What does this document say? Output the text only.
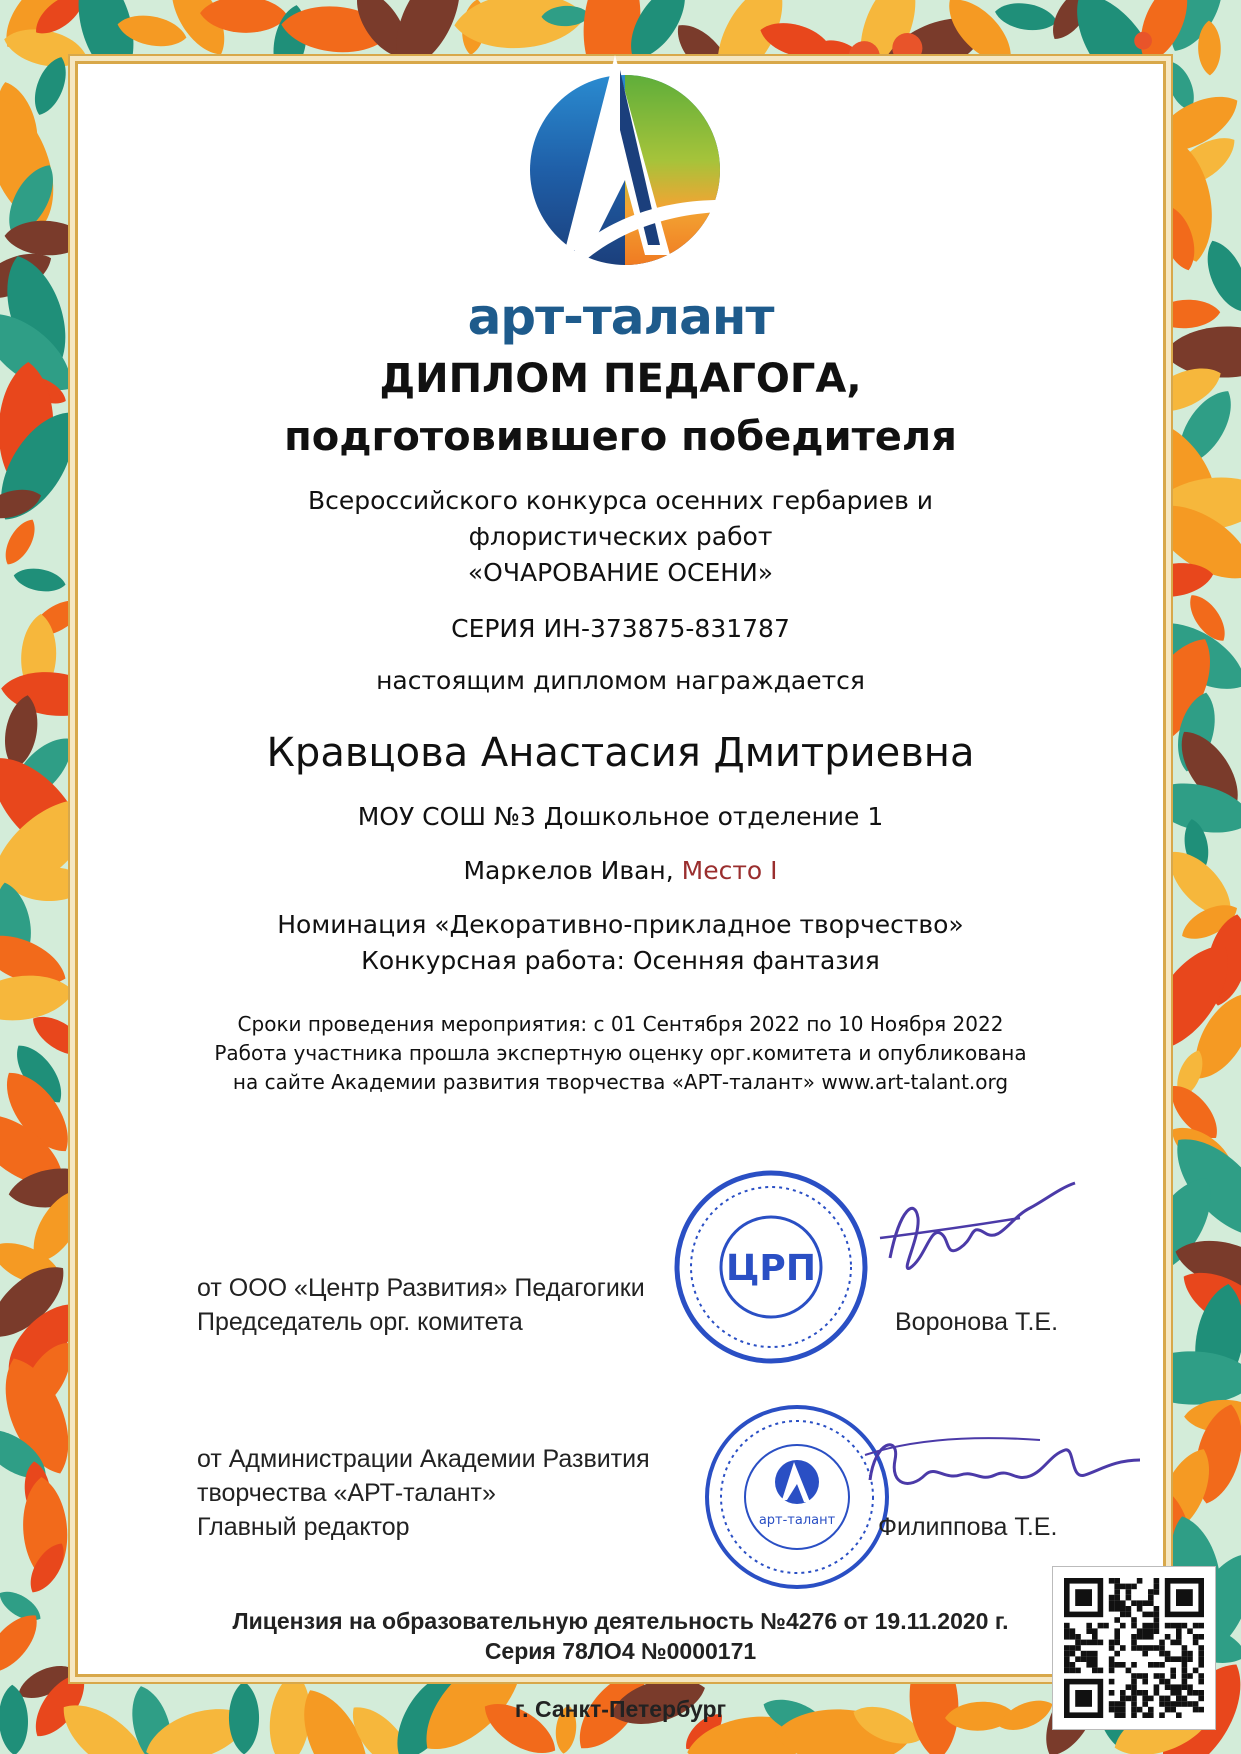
арт-талант

ДИПЛОМ ПЕДАГОГА,

подготовившего победителя

Всероссийского конкурса осенних гербариев и

флористических работ

«ОЧАРОВАНИЕ ОСЕНИ»

СЕРИЯ ИН-373875-831787

настоящим дипломом награждается

Кравцова Анастасия Дмитриевна

МОУ СОШ №3 Дошкольное отделение 1

Маркелов Иван, Место I

Номинация «Декоративно-прикладное творчество»

Конкурсная работа: Осенняя фантазия

Сроки проведения мероприятия: с 01 Сентября 2022 по 10 Ноября 2022

Работа участника прошла экспертную оценку орг.комитета и опубликована

на сайте Академии развития творчества «АРТ-талант» www.art-talant.org

от ООО «Центр Развития» Педагогики

Председатель орг. комитета

ЦРП

Воронова Т.Е.

от Администрации Академии Развития

творчества «АРТ-талант»

Главный редактор	арт-талант Филиппова Т.Е.

Лицензия на образовательную деятельность №4276 от 19.11.2020 г.

Серия 78ЛО4 №0000171

г. Санкт-Петербург
